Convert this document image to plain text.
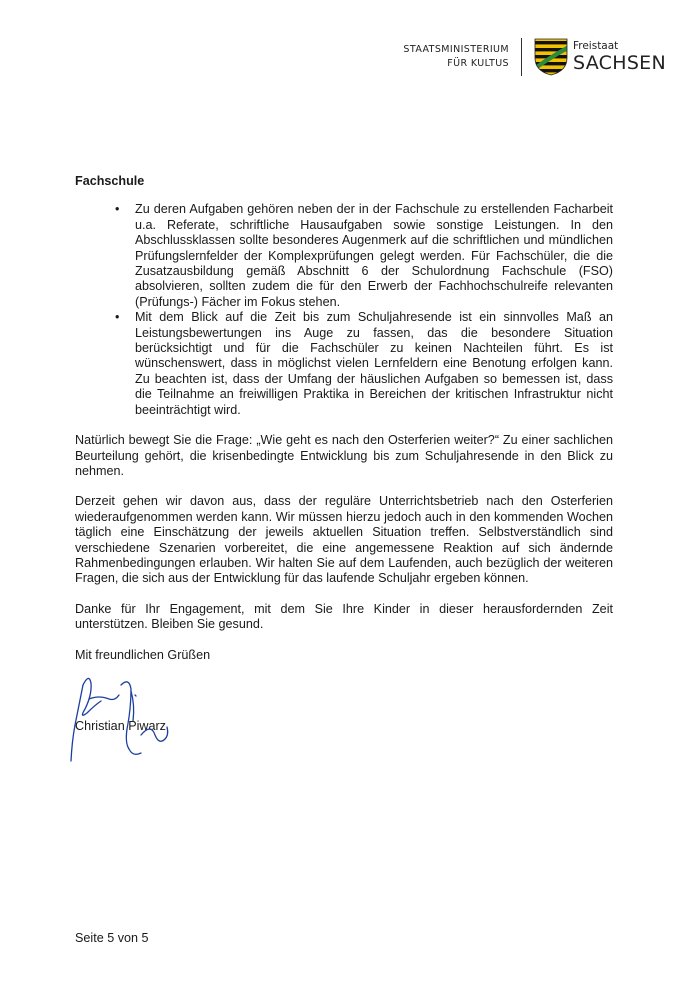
STAATSMINISTERIUM
FÜR KULTUS
Freistaat
SACHSEN
Fachschule
• Zu deren Aufgaben gehören neben der in der Fachschule zu erstellenden Facharbeit u.a. Referate, schriftliche Hausaufgaben sowie sonstige Leistungen. In den Abschlussklassen sollte besonderes Augenmerk auf die schriftlichen und mündlichen Prüfungslernfelder der Komplexprüfungen gelegt werden. Für Fachschüler, die die Zusatzausbildung gemäß Abschnitt 6 der Schulordnung Fachschule (FSO) absolvieren, sollten zudem die für den Erwerb der Fachhochschulreife relevanten (Prüfungs-) Fächer im Fokus stehen.
• Mit dem Blick auf die Zeit bis zum Schuljahresende ist ein sinnvolles Maß an Leistungsbewertungen ins Auge zu fassen, das die besondere Situation berücksichtigt und für die Fachschüler zu keinen Nachteilen führt. Es ist wünschenswert, dass in möglichst vielen Lernfeldern eine Benotung erfolgen kann. Zu beachten ist, dass der Umfang der häuslichen Aufgaben so bemessen ist, dass die Teilnahme an freiwilligen Praktika in Bereichen der kritischen Infrastruktur nicht beeinträchtigt wird.

Natürlich bewegt Sie die Frage: „Wie geht es nach den Osterferien weiter?“ Zu einer sachlichen Beurteilung gehört, die krisenbedingte Entwicklung bis zum Schuljahresende in den Blick zu nehmen.

Derzeit gehen wir davon aus, dass der reguläre Unterrichtsbetrieb nach den Osterferien wiederaufgenommen werden kann. Wir müssen hierzu jedoch auch in den kommenden Wochen täglich eine Einschätzung der jeweils aktuellen Situation treffen. Selbstverständlich sind verschiedene Szenarien vorbereitet, die eine angemessene Reaktion auf sich ändernde Rahmenbedingungen erlauben. Wir halten Sie auf dem Laufenden, auch bezüglich der weiteren Fragen, die sich aus der Entwicklung für das laufende Schuljahr ergeben können.

Danke für Ihr Engagement, mit dem Sie Ihre Kinder in dieser herausfordernden Zeit unterstützen. Bleiben Sie gesund.

Mit freundlichen Grüßen

Christian Piwarz
Seite 5 von 5
